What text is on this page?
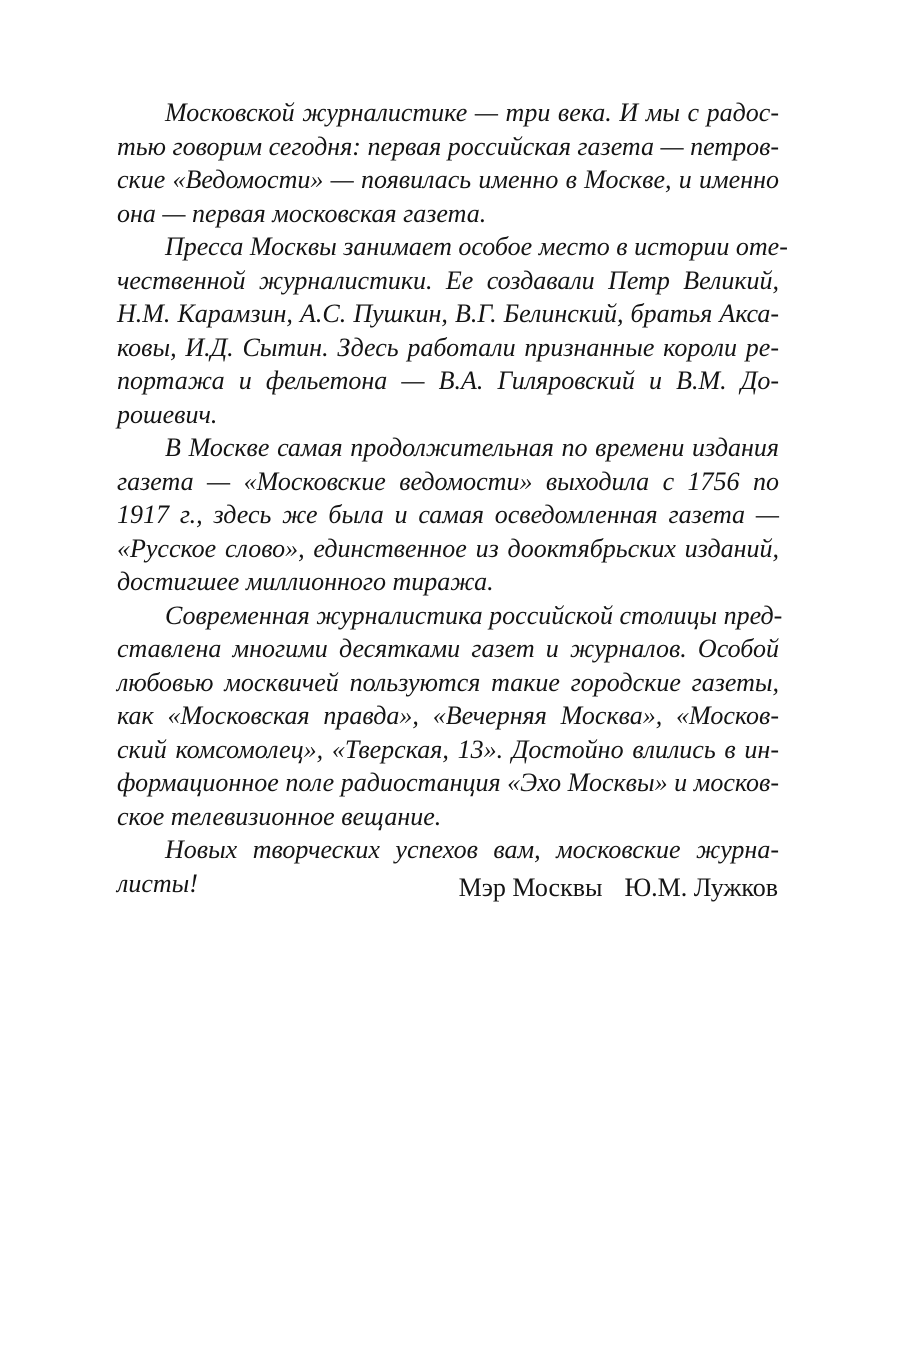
Московской журналистике — три века. И мы с радос-
тью говорим сегодня: первая российская газета — петров-
ские «Ведомости» — появилась именно в Москве, и именно
она — первая московская газета.
Пресса Москвы занимает особое место в истории оте-
чественной журналистики. Ее создавали Петр Великий,
Н.М. Карамзин, А.С. Пушкин, В.Г. Белинский, братья Акса-
ковы, И.Д. Сытин. Здесь работали признанные короли ре-
портажа и фельетона — В.А. Гиляровский и В.М. До-
рошевич.
В Москве самая продолжительная по времени издания
газета — «Московские ведомости» выходила с 1756 по
1917 г., здесь же была и самая осведомленная газета —
«Русское слово», единственное из дооктябрьских изданий,
достигшее миллионного тиража.
Современная журналистика российской столицы пред-
ставлена многими десятками газет и журналов. Особой
любовью москвичей пользуются такие городские газеты,
как «Московская правда», «Вечерняя Москва», «Москов-
ский комсомолец», «Тверская, 13». Достойно влились в ин-
формационное поле радиостанция «Эхо Москвы» и москов-
ское телевизионное вещание.
Новых творческих успехов вам, московские журна-
листы!	Мэр Москвы Ю.М. Лужков
